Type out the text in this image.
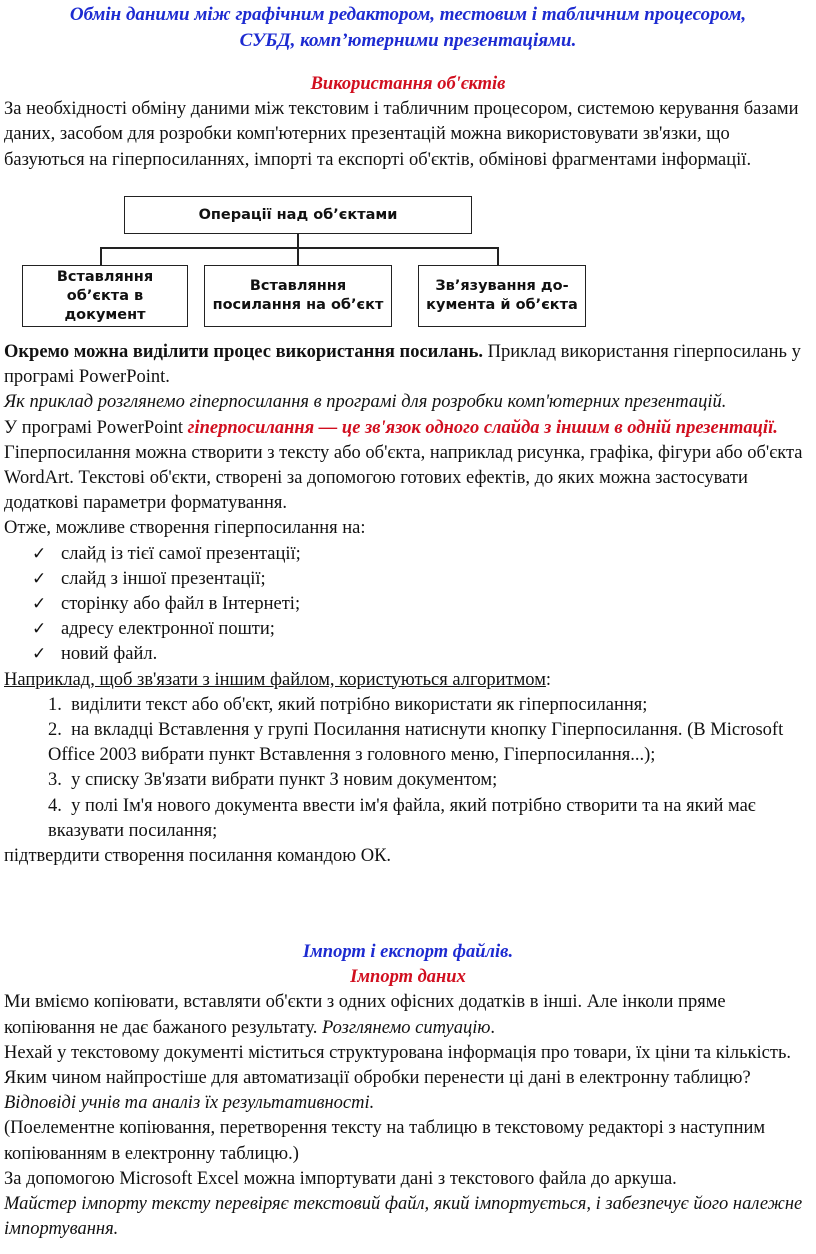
Обмін даними між графічним редактором, тестовим і табличним процесором,
СУБД, комп’ютерними презентаціями.

Використання об'єктів

За необхідності обміну даними між текстовим і табличним процесором, системою керування базами даних, засобом для розробки комп'ютерних презентацій можна використовувати зв'язки, що базуються на гіперпосиланнях, імпорті та експорті об'єктів, обмінові фрагментами інформації.

Операції над об’єктами
Вставляння
об’єкта в документ
Вставляння
посилання на об’єкт
Зв’язування до-
кумента й об’єкта

Окремо можна виділити процес використання посилань. Приклад використання гіперпосилань у програмі PowerPoint.

Як приклад розглянемо гіперпосилання в програмі для розробки комп'ютерних презентацій.

У програмі PowerPoint гіперпосилання — це зв'язок одного слайда з іншим в одній презентації.

Гіперпосилання можна створити з тексту або об'єкта, наприклад рисунка, графіка, фігури або об'єкта WordArt. Текстові об'єкти, створені за допомогою готових ефектів, до яких можна застосувати додаткові параметри форматування.

Отже, можливе створення гіперпосилання на:

✓ слайд із тієї самої презентації;
✓ слайд з іншої презентації;
✓ сторінку або файл в Інтернеті;
✓ адресу електронної пошти;
✓ новий файл.

Наприклад, щоб зв'язати з іншим файлом, користуються алгоритмом:

1. виділити текст або об'єкт, який потрібно використати як гіперпосилання;
2. на вкладці Вставлення у групі Посилання натиснути кнопку Гіперпосилання. (В Microsoft Office 2003 вибрати пункт Вставлення з головного меню, Гіперпосилання...);
3. у списку Зв'язати вибрати пункт З новим документом;
4. у полі Ім'я нового документа ввести ім'я файла, який потрібно створити та на який має вказувати посилання;

підтвердити створення посилання командою ОК.

Імпорт і експорт файлів.

Імпорт даних

Ми вміємо копіювати, вставляти об'єкти з одних офісних додатків в інші. Але інколи пряме копіювання не дає бажаного результату. Розглянемо ситуацію.

Нехай у текстовому документі міститься структурована інформація про товари, їх ціни та кількість. Яким чином найпростіше для автоматизації обробки перенести ці дані в електронну таблицю?

Відповіді учнів та аналіз їх результативності.

(Поелементне копіювання, перетворення тексту на таблицю в текстовому редакторі з наступним копіюванням в електронну таблицю.)

За допомогою Microsoft Excel можна імпортувати дані з текстового файла до аркуша.

Майстер імпорту тексту перевіряє текстовий файл, який імпортується, і забезпечує його належне імпортування.
